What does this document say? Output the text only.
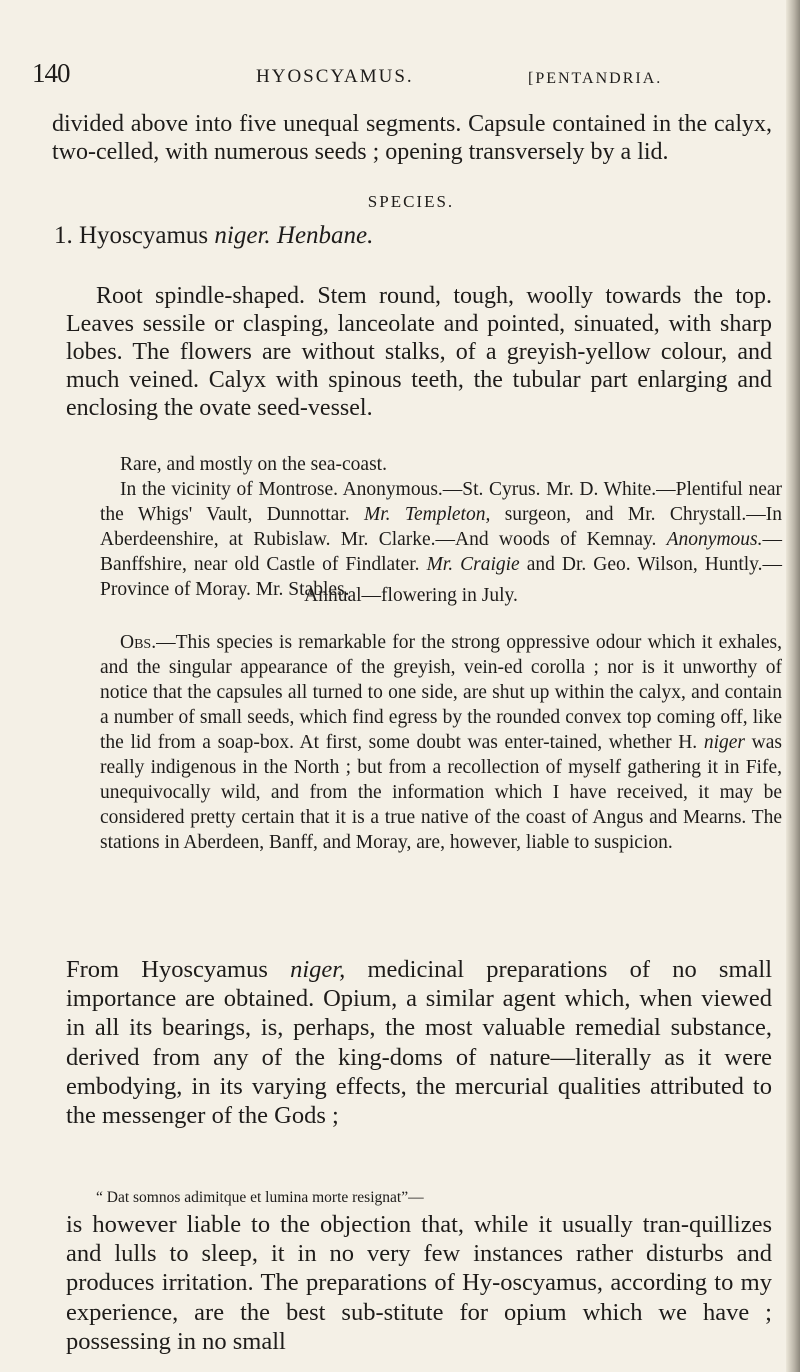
140	HYOSCYAMUS.	[PENTANDRIA.

divided above into five unequal segments. Capsule contained in the calyx, two-celled, with numerous seeds ; opening transversely by a lid.

SPECIES.
1. Hyoscyamus niger. Henbane.

Root spindle-shaped. Stem round, tough, woolly towards the top. Leaves sessile or clasping, lanceolate and pointed, sinuated, with sharp lobes. The flowers are without stalks, of a greyish-yellow colour, and much veined. Calyx with spinous teeth, the tubular part enlarging and enclosing the ovate seed-vessel.

Rare, and mostly on the sea-coast.

In the vicinity of Montrose. Anonymous.—St. Cyrus. Mr. D. White.—Plentiful near the Whigs' Vault, Dunnottar. Mr. Templeton, surgeon, and Mr. Chrystall.—In Aberdeenshire, at Rubislaw. Mr. Clarke.—And woods of Kemnay. Anonymous.— Banffshire, near old Castle of Findlater. Mr. Craigie and Dr. Geo. Wilson, Huntly.—Province of Moray. Mr. Stables.

Annual—flowering in July.

Obs.—This species is remarkable for the strong oppressive odour which it exhales, and the singular appearance of the greyish, vein-ed corolla ; nor is it unworthy of notice that the capsules all turned to one side, are shut up within the calyx, and contain a number of small seeds, which find egress by the rounded convex top coming off, like the lid from a soap-box. At first, some doubt was enter-tained, whether H. niger was really indigenous in the North ; but from a recollection of myself gathering it in Fife, unequivocally wild, and from the information which I have received, it may be considered pretty certain that it is a true native of the coast of Angus and Mearns. The stations in Aberdeen, Banff, and Moray, are, however, liable to suspicion.

From Hyoscyamus niger, medicinal preparations of no small importance are obtained. Opium, a similar agent which, when viewed in all its bearings, is, perhaps, the most valuable remedial substance, derived from any of the king-doms of nature—literally as it were embodying, in its varying effects, the mercurial qualities attributed to the messenger of the Gods ;

“ Dat somnos adimitque et lumina morte resignat”—

is however liable to the objection that, while it usually tran-quillizes and lulls to sleep, it in no very few instances rather disturbs and produces irritation. The preparations of Hy-oscyamus, according to my experience, are the best sub-stitute for opium which we have ; possessing in no small
